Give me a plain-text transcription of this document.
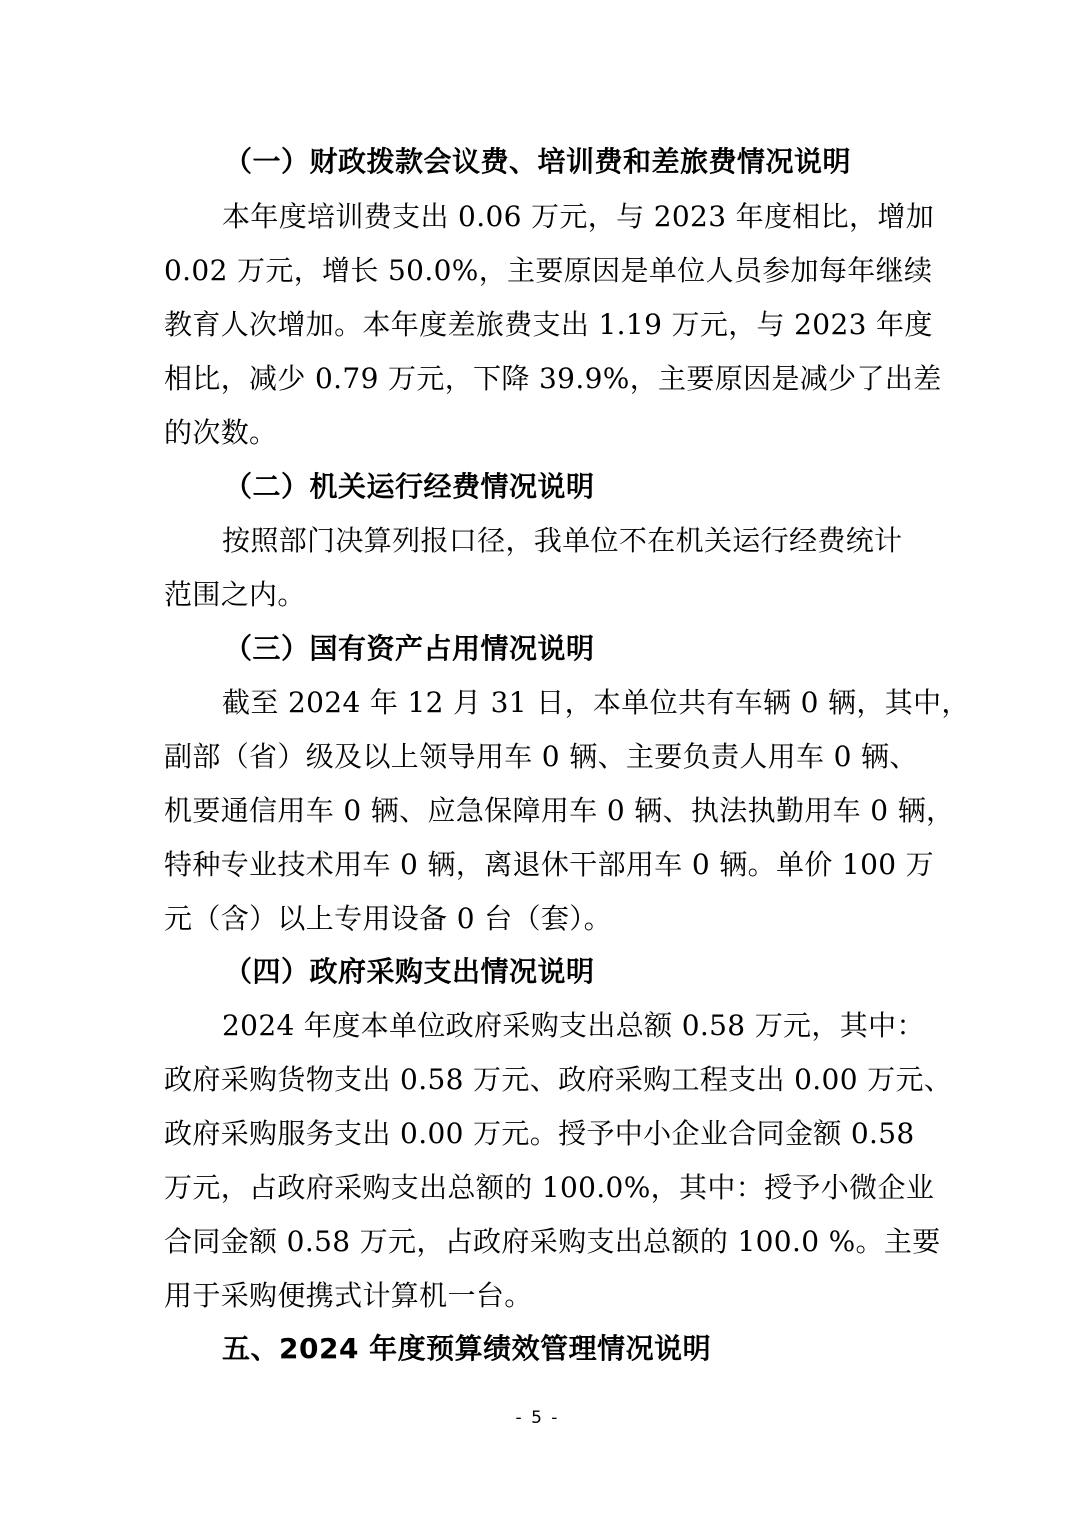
（一）财政拨款会议费、培训费和差旅费情况说明
本年度培训费支出 0.06 万元，与 2023 年度相比，增加
0.02 万元，增长 50.0%，主要原因是单位人员参加每年继续
教育人次增加。本年度差旅费支出 1.19 万元，与 2023 年度
相比，减少 0.79 万元，下降 39.9%，主要原因是减少了出差
的次数。
（二）机关运行经费情况说明
按照部门决算列报口径，我单位不在机关运行经费统计
范围之内。
（三）国有资产占用情况说明
截至 2024 年 12 月 31 日，本单位共有车辆 0 辆，其中，
副部（省）级及以上领导用车 0 辆、主要负责人用车 0 辆、
机要通信用车 0 辆、应急保障用车 0 辆、执法执勤用车 0 辆，
特种专业技术用车 0 辆，离退休干部用车 0 辆。单价 100 万
元（含）以上专用设备 0 台（套）。
（四）政府采购支出情况说明
2024 年度本单位政府采购支出总额 0.58 万元，其中：
政府采购货物支出 0.58 万元、政府采购工程支出 0.00 万元、
政府采购服务支出 0.00 万元。授予中小企业合同金额 0.58
万元，占政府采购支出总额的 100.0%，其中：授予小微企业
合同金额 0.58 万元，占政府采购支出总额的 100.0 %。主要
用于采购便携式计算机一台。
五、2024 年度预算绩效管理情况说明
- 5 -
